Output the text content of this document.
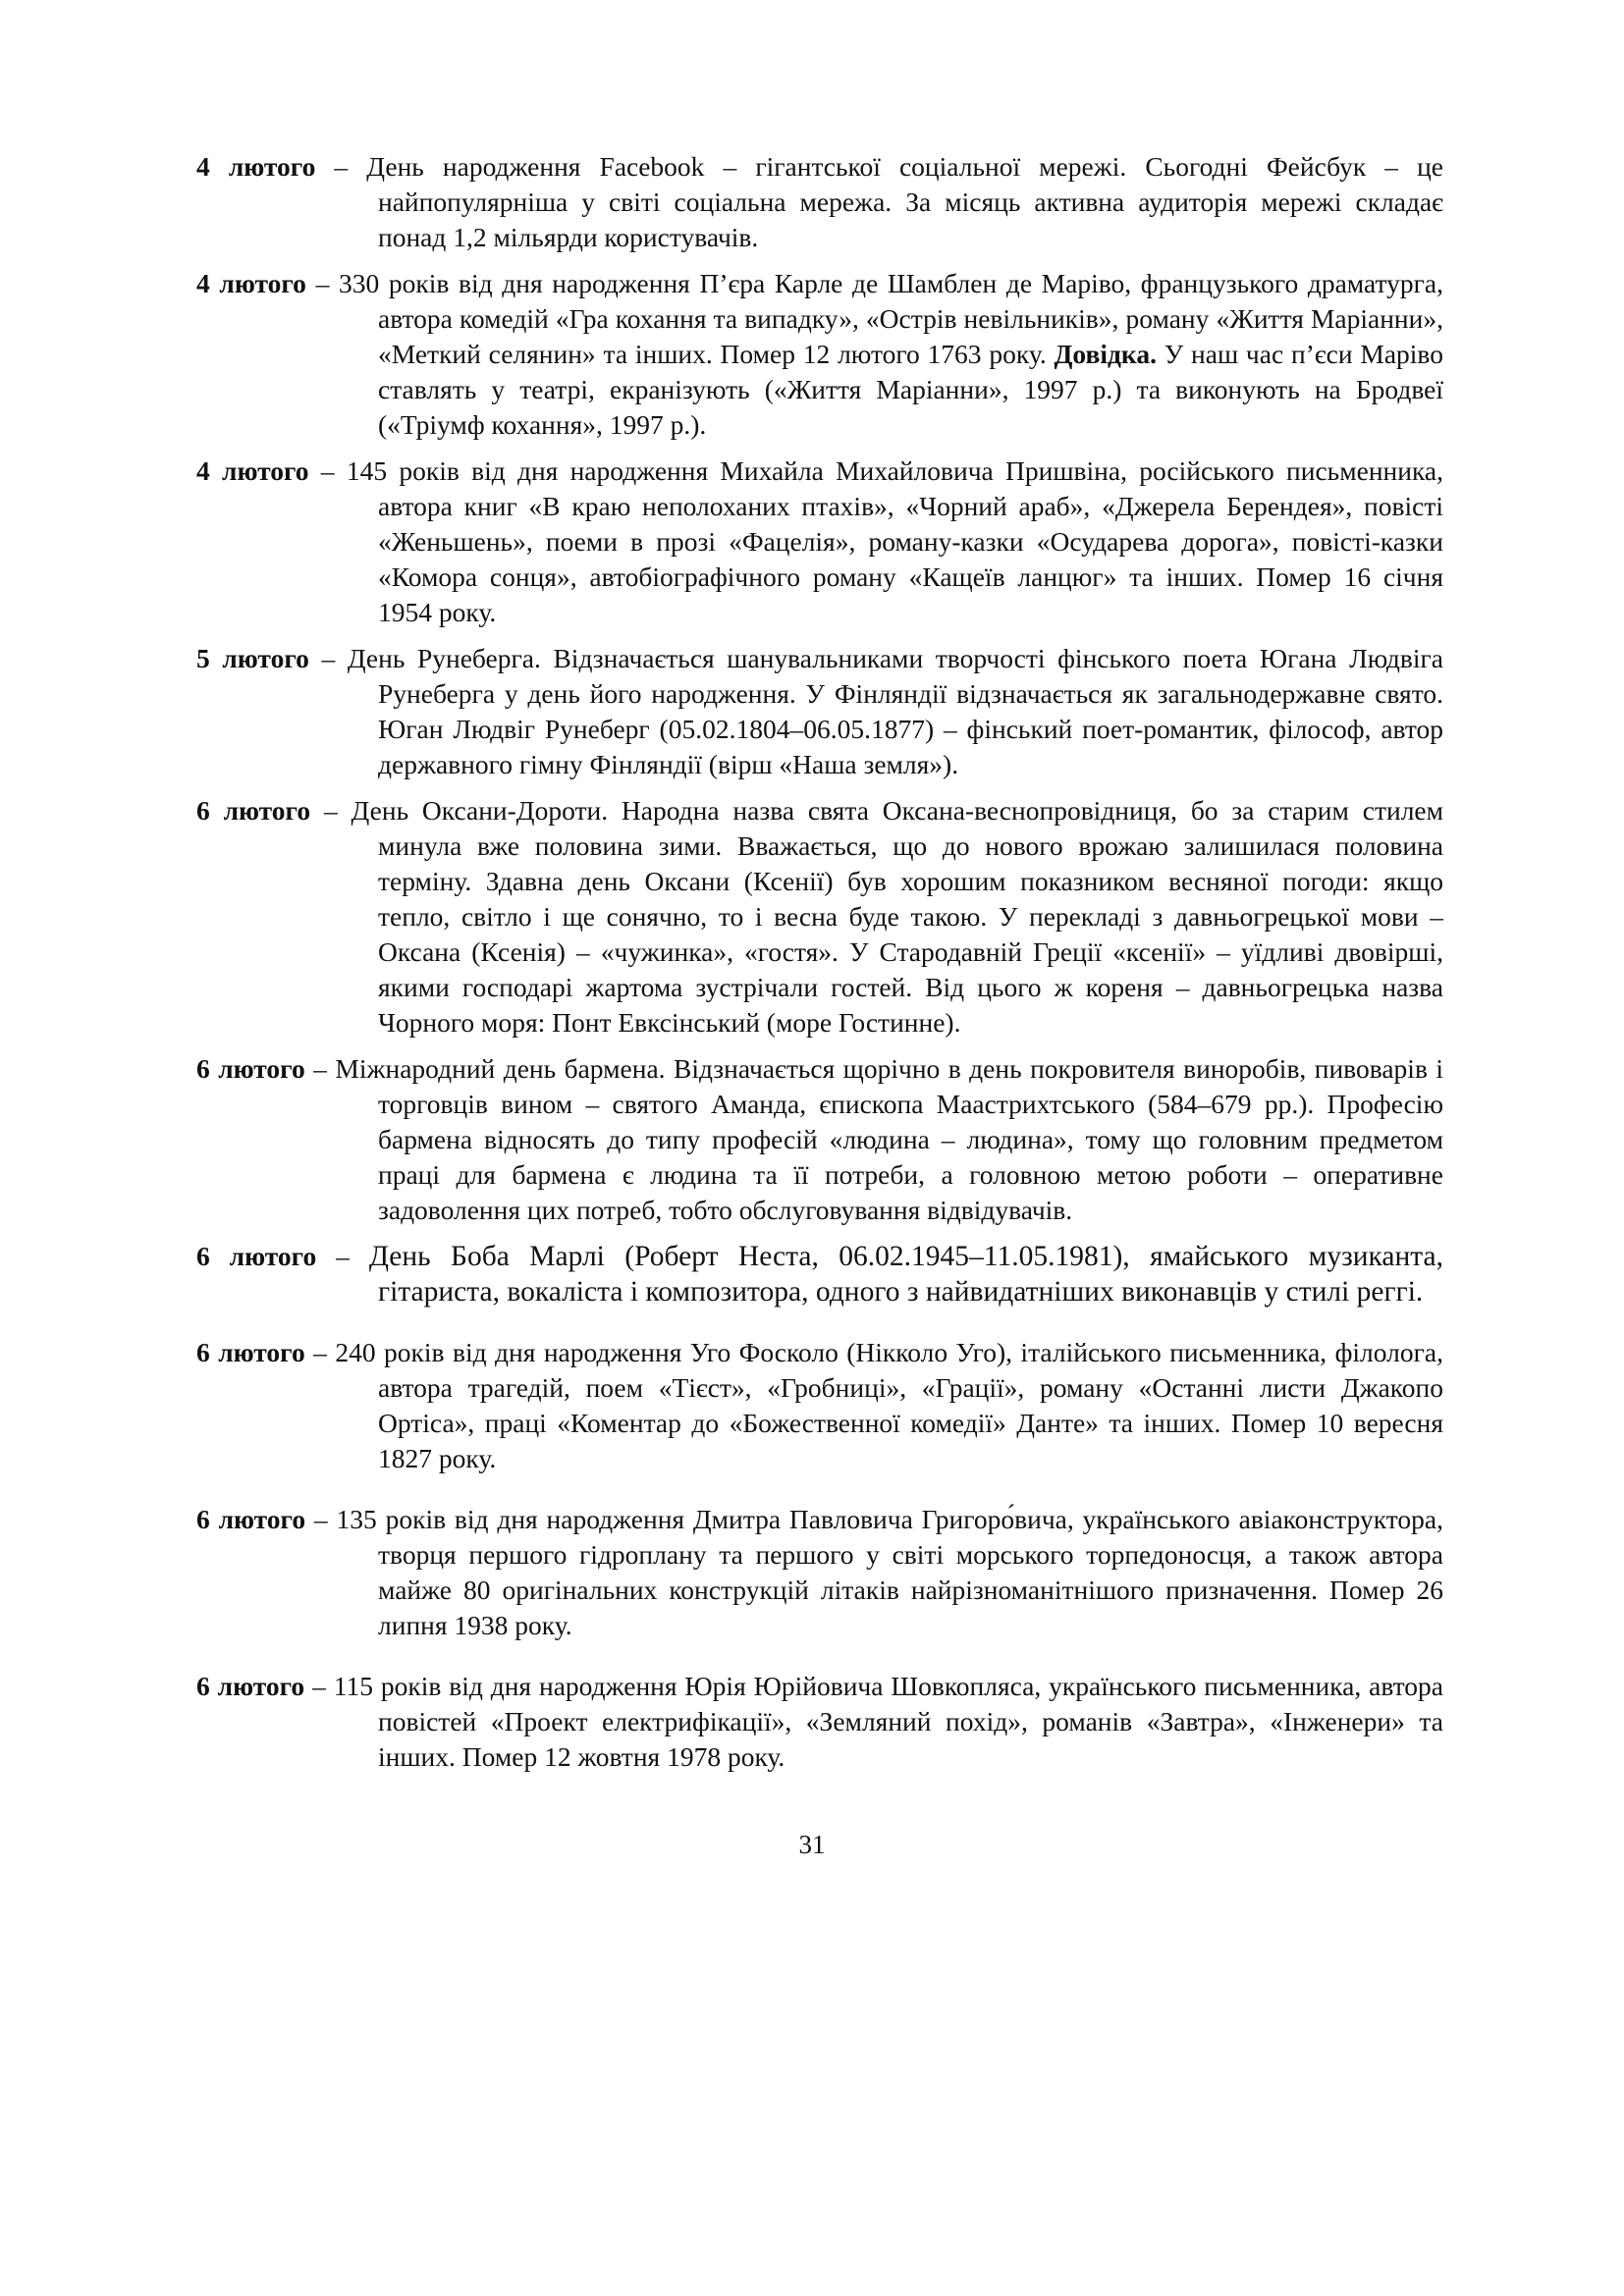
4 лютого – День народження Facebook – гігантської соціальної мережі. Сьогодні Фейсбук – це найпопулярніша у світі соціальна мережа. За місяць активна аудиторія мережі складає понад 1,2 мільярди користувачів.

4 лютого – 330 років від дня народження П’єра Карле де Шамблен де Маріво, французького драматурга, автора комедій «Гра кохання та випадку», «Острів невільників», роману «Життя Маріанни», «Меткий селянин» та інших. Помер 12 лютого 1763 року. Довідка. У наш час п’єси Маріво ставлять у театрі, екранізують («Життя Маріанни», 1997 р.) та виконують на Бродвеї («Тріумф кохання», 1997 р.).

4 лютого – 145 років від дня народження Михайла Михайловича Пришвіна, російського письменника, автора книг «В краю неполоханих птахів», «Чорний араб», «Джерела Берендея», повісті «Женьшень», поеми в прозі «Фацелія», роману-казки «Осударева дорога», повісті-казки «Комора сонця», автобіографічного роману «Кащеїв ланцюг» та інших. Помер 16 січня 1954 року.

5 лютого – День Рунеберга. Відзначається шанувальниками творчості фінського поета Югана Людвіга Рунеберга у день його народження. У Фінляндії відзначається як загальнодержавне свято. Юган Людвіг Рунеберг (05.02.1804–06.05.1877) – фінський поет-романтик, філософ, автор державного гімну Фінляндії (вірш «Наша земля»).

6 лютого – День Оксани-Дороти. Народна назва свята Оксана-веснопровідниця, бо за старим стилем минула вже половина зими. Вважається, що до нового врожаю залишилася половина терміну. Здавна день Оксани (Ксенії) був хорошим показником весняної погоди: якщо тепло, світло і ще сонячно, то і весна буде такою. У перекладі з давньогрецької мови – Оксана (Ксенія) – «чужинка», «гостя». У Стародавній Греції «ксенії» – уїдливі двовірші, якими господарі жартома зустрічали гостей. Від цього ж кореня – давньогрецька назва Чорного моря: Понт Евксінський (море Гостинне).

6 лютого – Міжнародний день бармена. Відзначається щорічно в день покровителя виноробів, пивоварів і торговців вином – святого Аманда, єпископа Маастрихтського (584–679 рр.). Професію бармена відносять до типу професій «людина – людина», тому що головним предметом праці для бармена є людина та її потреби, а головною метою роботи – оперативне задоволення цих потреб, тобто обслуговування відвідувачів.

6 лютого – День Боба Марлі (Роберт Неста, 06.02.1945–11.05.1981), ямайського музиканта, гітариста, вокаліста і композитора, одного з найвидатніших виконавців у стилі реггі.

6 лютого – 240 років від дня народження Уго Фосколо (Нікколо Уго), італійського письменника, філолога, автора трагедій, поем «Тієст», «Гробниці», «Грації», роману «Останні листи Джакопо Ортіса», праці «Коментар до «Божественної комедії» Данте» та інших. Помер 10 вересня 1827 року.

6 лютого – 135 років від дня народження Дмитра Павловича Григоро́вича, українського авіаконструктора, творця першого гідроплану та першого у світі морського торпедоносця, а також автора майже 80 оригінальних конструкцій літаків найрізноманітнішого призначення. Помер 26 липня 1938 року.

6 лютого – 115 років від дня народження Юрія Юрійовича Шовкопляса, українського письменника, автора повістей «Проект електрифікації», «Земляний похід», романів «Завтра», «Інженери» та інших. Помер 12 жовтня 1978 року.

31
